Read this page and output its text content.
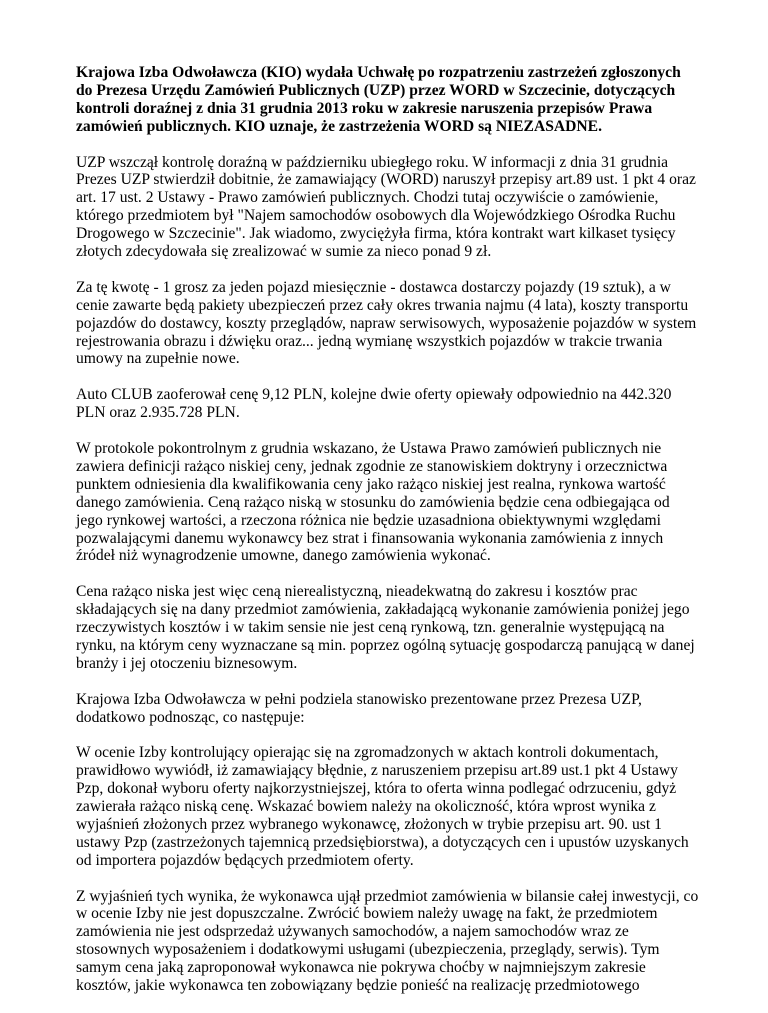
Krajowa Izba Odwoławcza (KIO) wydała Uchwałę po rozpatrzeniu zastrzeżeń zgłoszonych do Prezesa Urzędu Zamówień Publicznych (UZP) przez WORD w Szczecinie, dotyczących kontroli doraźnej z dnia 31 grudnia 2013 roku w zakresie naruszenia przepisów Prawa zamówień publicznych. KIO uznaje, że zastrzeżenia WORD są NIEZASADNE.

UZP wszczął kontrolę doraźną w październiku ubiegłego roku. W informacji z dnia 31 grudnia Prezes UZP stwierdził dobitnie, że zamawiający (WORD) naruszył przepisy art.89 ust. 1 pkt 4 oraz art. 17 ust. 2 Ustawy - Prawo zamówień publicznych. Chodzi tutaj oczywiście o zamówienie, którego przedmiotem był "Najem samochodów osobowych dla Wojewódzkiego Ośrodka Ruchu Drogowego w Szczecinie". Jak wiadomo, zwyciężyła firma, która kontrakt wart kilkaset tysięcy złotych zdecydowała się zrealizować w sumie za nieco ponad 9 zł.

Za tę kwotę - 1 grosz za jeden pojazd miesięcznie - dostawca dostarczy pojazdy (19 sztuk), a w cenie zawarte będą pakiety ubezpieczeń przez cały okres trwania najmu (4 lata), koszty transportu pojazdów do dostawcy, koszty przeglądów, napraw serwisowych, wyposażenie pojazdów w system rejestrowania obrazu i dźwięku oraz... jedną wymianę wszystkich pojazdów w trakcie trwania umowy na zupełnie nowe.

Auto CLUB zaoferował cenę 9,12 PLN, kolejne dwie oferty opiewały odpowiednio na 442.320 PLN oraz 2.935.728 PLN.

W protokole pokontrolnym z grudnia wskazano, że Ustawa Prawo zamówień publicznych nie zawiera definicji rażąco niskiej ceny, jednak zgodnie ze stanowiskiem doktryny i orzecznictwa punktem odniesienia dla kwalifikowania ceny jako rażąco niskiej jest realna, rynkowa wartość danego zamówienia. Ceną rażąco niską w stosunku do zamówienia będzie cena odbiegająca od jego rynkowej wartości, a rzeczona różnica nie będzie uzasadniona obiektywnymi względami pozwalającymi danemu wykonawcy bez strat i finansowania wykonania zamówienia z innych źródeł niż wynagrodzenie umowne, danego zamówienia wykonać.

Cena rażąco niska jest więc ceną nierealistyczną, nieadekwatną do zakresu i kosztów prac składających się na dany przedmiot zamówienia, zakładającą wykonanie zamówienia poniżej jego rzeczywistych kosztów i w takim sensie nie jest ceną rynkową, tzn. generalnie występującą na rynku, na którym ceny wyznaczane są min. poprzez ogólną sytuację gospodarczą panującą w danej branży i jej otoczeniu biznesowym.

Krajowa Izba Odwoławcza w pełni podziela stanowisko prezentowane przez Prezesa UZP, dodatkowo podnosząc, co następuje:

W ocenie Izby kontrolujący opierając się na zgromadzonych w aktach kontroli dokumentach, prawidłowo wywiódł, iż zamawiający błędnie, z naruszeniem przepisu art.89 ust.1 pkt 4 Ustawy Pzp, dokonał wyboru oferty najkorzystniejszej, która to oferta winna podlegać odrzuceniu, gdyż zawierała rażąco niską cenę. Wskazać bowiem należy na okoliczność, która wprost wynika z wyjaśnień złożonych przez wybranego wykonawcę, złożonych w trybie przepisu art. 90. ust 1 ustawy Pzp (zastrzeżonych tajemnicą przedsiębiorstwa), a dotyczących cen i upustów uzyskanych od importera pojazdów będących przedmiotem oferty.

Z wyjaśnień tych wynika, że wykonawca ujął przedmiot zamówienia w bilansie całej inwestycji, co w ocenie Izby nie jest dopuszczalne. Zwrócić bowiem należy uwagę na fakt, że przedmiotem zamówienia nie jest odsprzedaż używanych samochodów, a najem samochodów wraz ze stosownych wyposażeniem i dodatkowymi usługami (ubezpieczenia, przeglądy, serwis). Tym samym cena jaką zaproponował wykonawca nie pokrywa choćby w najmniejszym zakresie kosztów, jakie wykonawca ten zobowiązany będzie ponieść na realizację przedmiotowego
